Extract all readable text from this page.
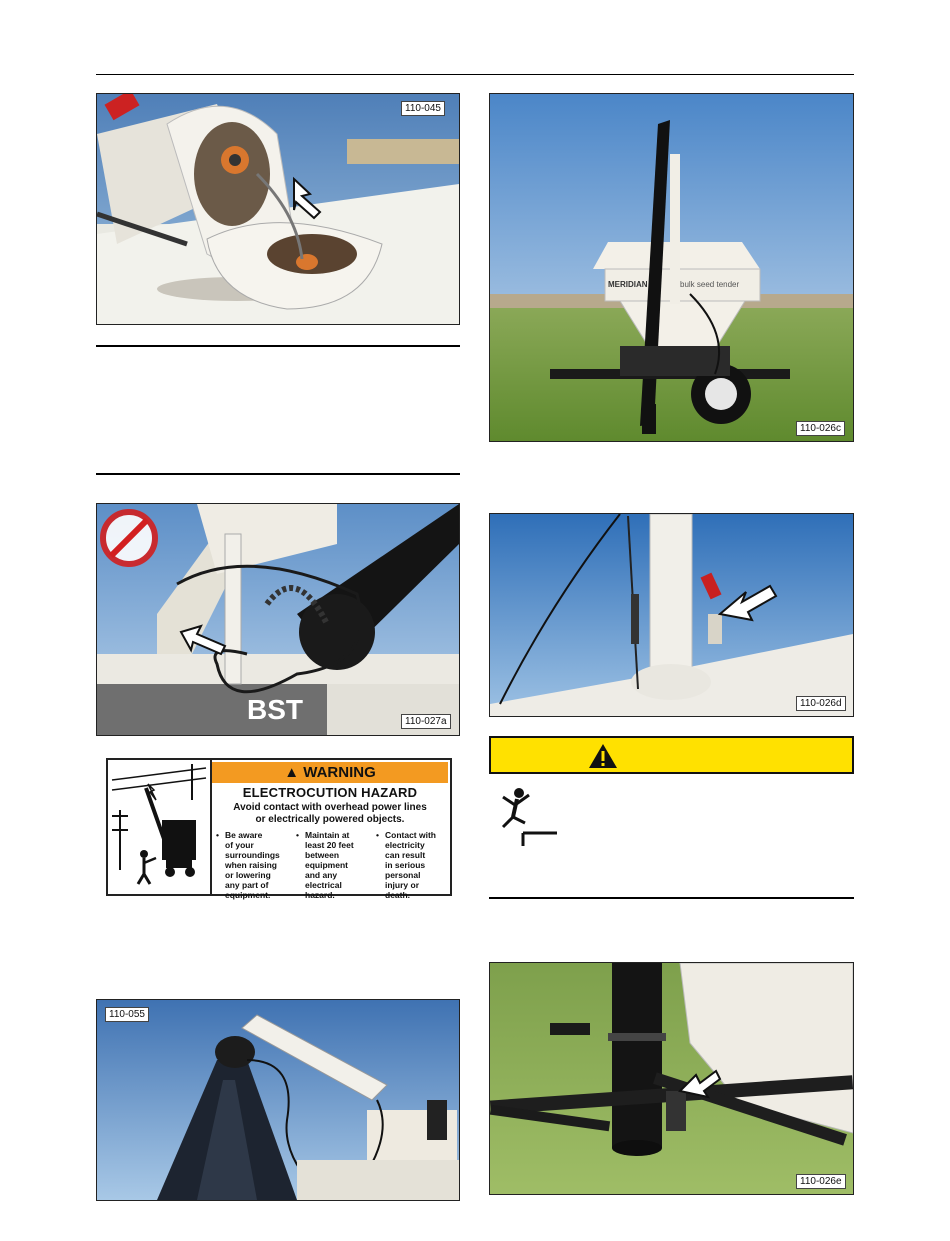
110-045
BST	110-027a
▲ WARNING
ELECTROCUTION HAZARD
Avoid contact with overhead power lines
or electrically powered objects.
• Be aware
of your
surroundings
when raising
or lowering
any part of
equipment.
• Maintain at
least 20 feet
between
equipment
and any
electrical
hazard.
• Contact with
electricity
can result
in serious
personal
injury or
death.
110-055
MERIDIAN	bulk seed tender
110-026c
110-026d
110-026e
